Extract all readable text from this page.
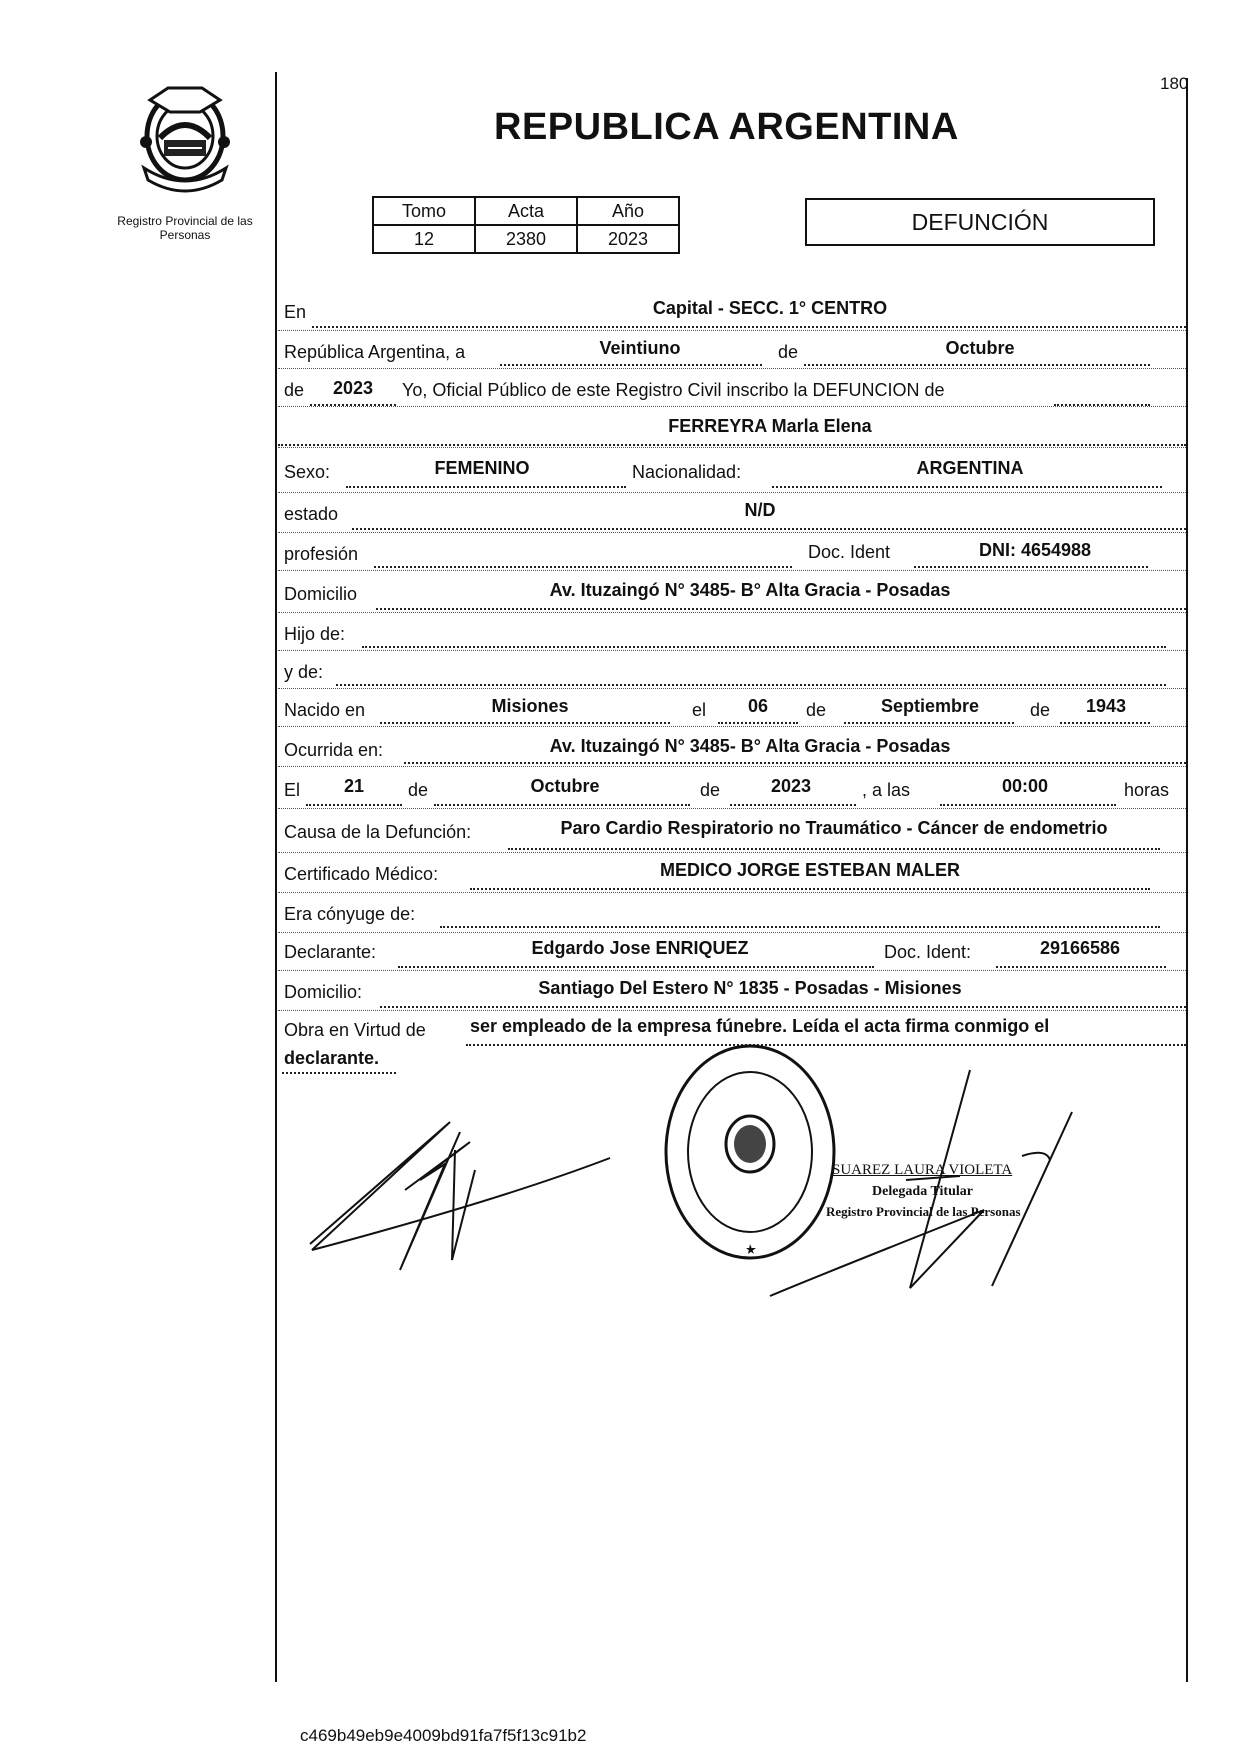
180
REPUBLICA ARGENTINA
Registro Provincial de las Personas
Tomo	Acta	Año
12	2380	2023
DEFUNCIÓN
En	Capital - SECC. 1° CENTRO
República Argentina, a	Veintiuno	de	Octubre
de	2023	Yo, Oficial Público de este Registro Civil inscribo la DEFUNCION de
FERREYRA Marla Elena
Sexo:	FEMENINO	Nacionalidad:	ARGENTINA
estado	N/D
profesión	Doc. Ident	DNI: 4654988
Domicilio	Av. Ituzaingó N° 3485- B° Alta Gracia - Posadas
Hijo de:
y de:
Nacido en	Misiones	el	06	de	Septiembre	de	1943
Ocurrida en:	Av. Ituzaingó N° 3485- B° Alta Gracia - Posadas
El	21	de	Octubre	de	2023	, a las	00:00	horas
Causa de la Defunción:	Paro Cardio Respiratorio no Traumático - Cáncer de endometrio
Certificado Médico:	MEDICO JORGE ESTEBAN MALER
Era cónyuge de:
Declarante:	Edgardo Jose ENRIQUEZ	Doc. Ident:	29166586
Domicilio:	Santiago Del Estero N° 1835 - Posadas - Misiones
Obra en Virtud de ser empleado de la empresa fúnebre. Leída el acta firma conmigo el
declarante.
SUAREZ LAURA VIOLETA
Delegada Titular
Registro Provincial de las Personas
c469b49eb9e4009bd91fa7f5f13c91b2
